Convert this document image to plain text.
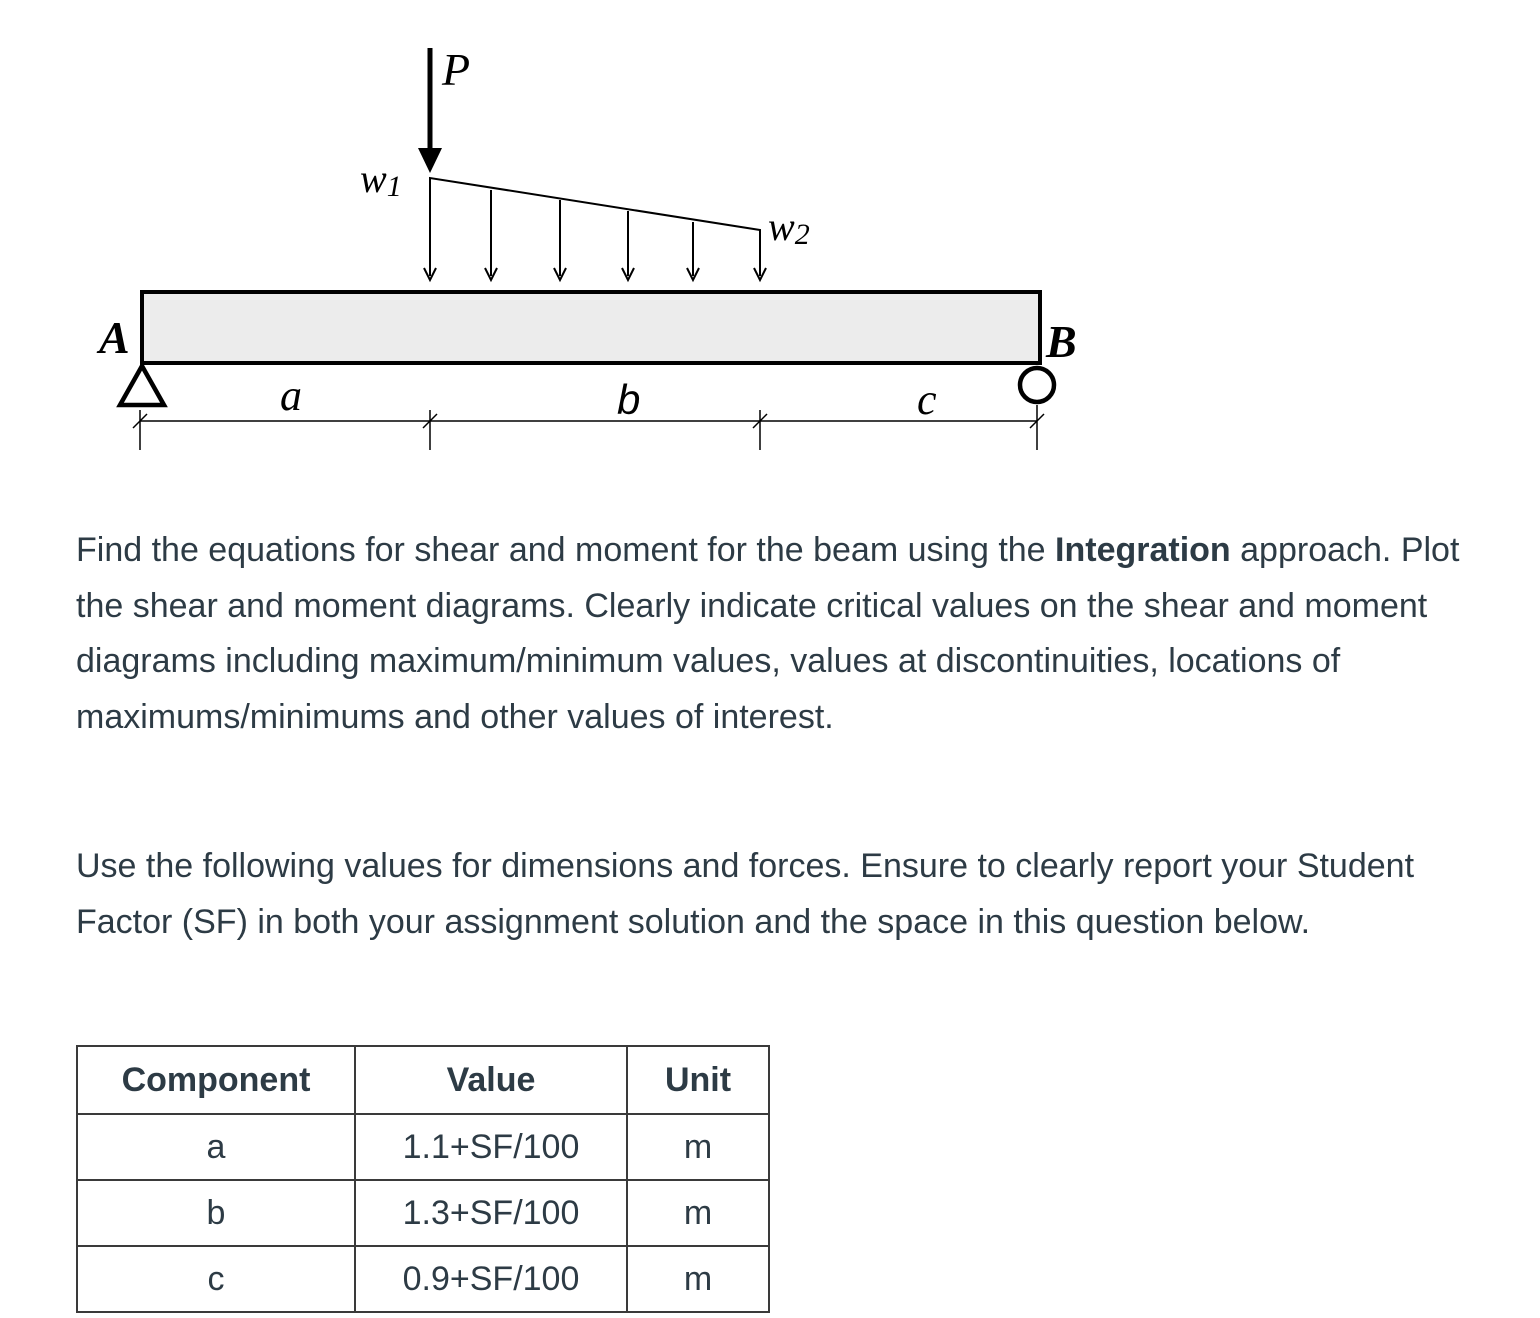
P
w1
w2
A	B
a	b	c

Find the equations for shear and moment for the beam using the Integration approach. Plot the shear and moment diagrams. Clearly indicate critical values on the shear and moment diagrams including maximum/minimum values, values at discontinuities, locations of maximums/minimums and other values of interest.

Use the following values for dimensions and forces. Ensure to clearly report your Student Factor (SF) in both your assignment solution and the space in this question below.

Component	Value	Unit
a	1.1+SF/100	m
b	1.3+SF/100	m
c	0.9+SF/100	m
